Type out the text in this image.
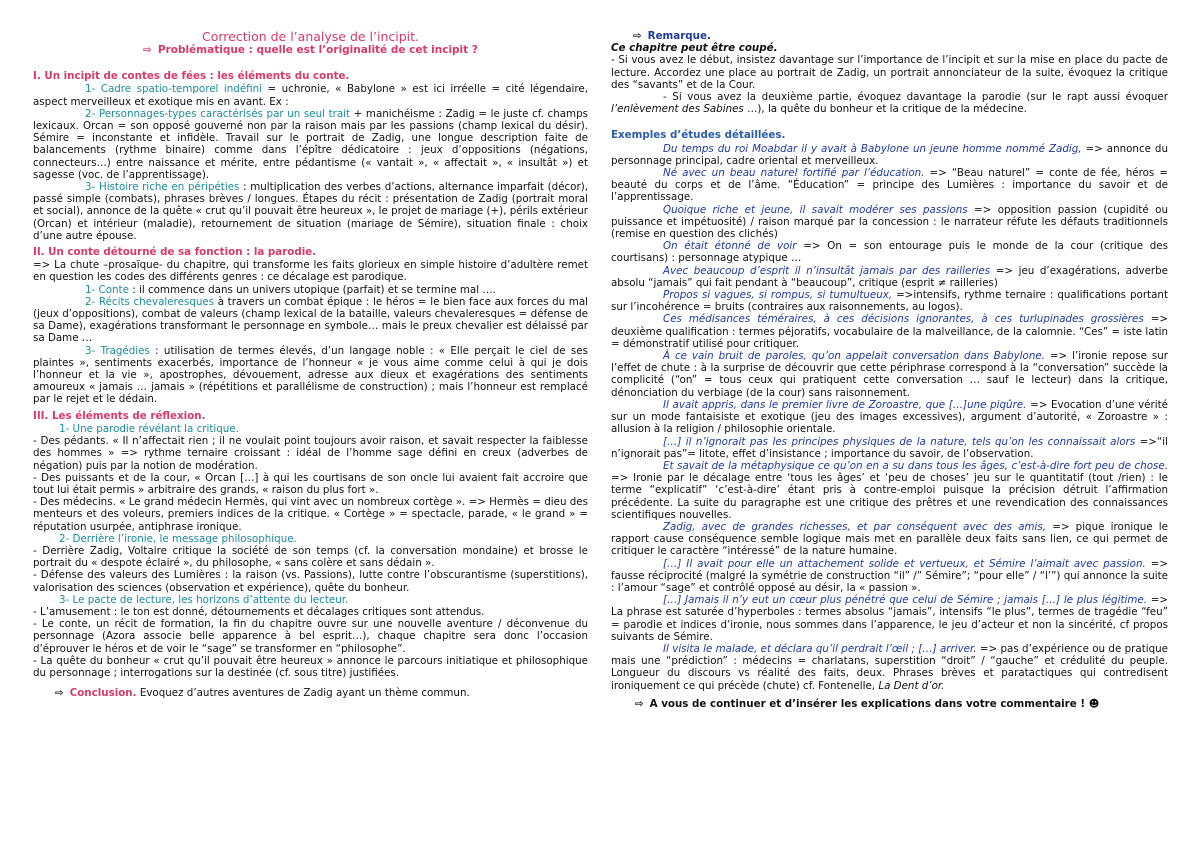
Correction de l’analyse de l’incipit.

⇨ Problématique : quelle est l’originalité de cet incipit ?

I. Un incipit de contes de fées : les éléments du conte.

1- Cadre spatio-temporel indéfini = uchronie, « Babylone » est ici irréelle = cité légendaire, aspect merveilleux et exotique mis en avant. Ex :

2- Personnages-types caractérisés par un seul trait + manichéisme : Zadig = le juste cf. champs lexicaux. Orcan = son opposé gouverné non par la raison mais par les passions (champ lexical du désir). Sémire = inconstante et infidèle. Travail sur le portrait de Zadig, une longue description faite de balancements (rythme binaire) comme dans l’épître dédicatoire : jeux d’oppositions (négations, connecteurs…) entre naissance et mérite, entre pédantisme (« vantait », « affectait », « insultât ») et sagesse (voc. de l’apprentissage).

3- Histoire riche en péripéties : multiplication des verbes d’actions, alternance imparfait (décor), passé simple (combats), phrases brèves / longues. Étapes du récit : présentation de Zadig (portrait moral et social), annonce de la quête « crut qu’il pouvait être heureux », le projet de mariage (+), périls extérieur (Orcan) et intérieur (maladie), retournement de situation (mariage de Sémire), situation finale : choix d’une autre épouse.

II. Un conte détourné de sa fonction : la parodie.

=> La chute –prosaïque- du chapitre, qui transforme les faits glorieux en simple histoire d’adultère remet en question les codes des différents genres : ce décalage est parodique.

1- Conte : il commence dans un univers utopique (parfait) et se termine mal ….

2- Récits chevaleresques à travers un combat épique : le héros = le bien face aux forces du mal (jeux d’oppositions), combat de valeurs (champ lexical de la bataille, valeurs chevaleresques = défense de sa Dame), exagérations transformant le personnage en symbole… mais le preux chevalier est délaissé par sa Dame …

3- Tragédies : utilisation de termes élevés, d’un langage noble : « Elle perçait le ciel de ses plaintes », sentiments exacerbés, importance de l’honneur « je vous aime comme celui à qui je dois l’honneur et la vie », apostrophes, dévouement, adresse aux dieux et exagérations des sentiments amoureux « jamais … jamais » (répétitions et parallélisme de construction) ; mais l’honneur est remplacé par le rejet et le dédain.

III. Les éléments de réflexion.

1- Une parodie révélant la critique.

- Des pédants. « Il n’affectait rien ; il ne voulait point toujours avoir raison, et savait respecter la faiblesse des hommes » => rythme ternaire croissant : idéal de l’homme sage défini en creux (adverbes de négation) puis par la notion de modération.

- Des puissants et de la cour, « Orcan […] à qui les courtisans de son oncle lui avaient fait accroire que tout lui était permis » arbitraire des grands, « raison du plus fort ».

- Des médecins. « Le grand médecin Hermès, qui vint avec un nombreux cortège ». => Hermès = dieu des menteurs et des voleurs, premiers indices de la critique. « Cortège » = spectacle, parade, « le grand » = réputation usurpée, antiphrase ironique.

2- Derrière l’ironie, le message philosophique.

- Derrière Zadig, Voltaire critique la société de son temps (cf. la conversation mondaine) et brosse le portrait du « despote éclairé », du philosophe, « sans colère et sans dédain ».

- Défense des valeurs des Lumières : la raison (vs. Passions), lutte contre l’obscurantisme (superstitions), valorisation des sciences (observation et expérience), quête du bonheur.

3- Le pacte de lecture, les horizons d’attente du lecteur.

- L’amusement : le ton est donné, détournements et décalages critiques sont attendus.

- Le conte, un récit de formation, la fin du chapitre ouvre sur une nouvelle aventure / déconvenue du personnage (Azora associe belle apparence à bel esprit…), chaque chapitre sera donc l’occasion d’éprouver le héros et de voir le “sage” se transformer en “philosophe”.

- La quête du bonheur « crut qu’il pouvait être heureux » annonce le parcours initiatique et philosophique du personnage ; interrogations sur la destinée (cf. sous titre) justifiées.

⇨ Conclusion. Evoquez d’autres aventures de Zadig ayant un thème commun.

⇨ Remarque.

Ce chapitre peut être coupé.

- Si vous avez le début, insistez davantage sur l’importance de l’incipit et sur la mise en place du pacte de lecture. Accordez une place au portrait de Zadig, un portrait annonciateur de la suite, évoquez la critique des “savants” et de la Cour.

- Si vous avez la deuxième partie, évoquez davantage la parodie (sur le rapt aussi évoquer l’enlèvement des Sabines …), la quête du bonheur et la critique de la médecine.

Exemples d’études détaillées.

Du temps du roi Moabdar il y avait à Babylone un jeune homme nommé Zadig, => annonce du personnage principal, cadre oriental et merveilleux.

Né avec un beau naturel fortifié par l’éducation. => “Beau naturel” = conte de fée, héros = beauté du corps et de l’âme. “Éducation” = principe des Lumières : importance du savoir et de l’apprentissage.

Quoique riche et jeune, il savait modérer ses passions => opposition passion (cupidité ou puissance et impétuosité) / raison marqué par la concession : le narrateur réfute les défauts traditionnels (remise en question des clichés)

On était étonné de voir => On = son entourage puis le monde de la cour (critique des courtisans) : personnage atypique …

Avec beaucoup d’esprit il n’insultât jamais par des railleries => jeu d’exagérations, adverbe absolu “jamais” qui fait pendant à “beaucoup”, critique (esprit ≠ railleries)

Propos si vagues, si rompus, si tumultueux, =>intensifs, rythme ternaire : qualifications portant sur l’incohérence = bruits (contraires aux raisonnements, au logos).

Ces médisances téméraires, à ces décisions ignorantes, à ces turlupinades grossières => deuxième qualification : termes péjoratifs, vocabulaire de la malveillance, de la calomnie. “Ces” = iste latin = démonstratif utilisé pour critiquer.

À ce vain bruit de paroles, qu’on appelait conversation dans Babylone. => l’ironie repose sur l’effet de chute : à la surprise de découvrir que cette périphrase correspond à la “conversation” succède la complicité (“on” = tous ceux qui pratiquent cette conversation … sauf le lecteur) dans la critique, dénonciation du verbiage (de la cour) sans raisonnement.

Il avait appris, dans le premier livre de Zoroastre, que […]une piqûre. => Evocation d’une vérité sur un mode fantaisiste et exotique (jeu des images excessives), argument d’autorité, « Zoroastre » : allusion à la religion / philosophie orientale.

[…] il n’ignorait pas les principes physiques de la nature, tels qu’on les connaissait alors =>“il n’ignorait pas”= litote, effet d’insistance ; importance du savoir, de l’observation.

Et savait de la métaphysique ce qu’on en a su dans tous les âges, c’est-à-dire fort peu de chose. => Ironie par le décalage entre ‘tous les âges’ et ‘peu de choses’ jeu sur le quantitatif (tout /rien) : le terme “explicatif” ‘c’est-à-dire’ étant pris à contre-emploi puisque la précision détruit l’affirmation précédente. La suite du paragraphe est une critique des prêtres et une revendication des connaissances scientifiques nouvelles.

Zadig, avec de grandes richesses, et par conséquent avec des amis, => pique ironique le rapport cause conséquence semble logique mais met en parallèle deux faits sans lien, ce qui permet de critiquer le caractère “intéressé” de la nature humaine.

[…] Il avait pour elle un attachement solide et vertueux, et Sémire l’aimait avec passion. => fausse réciprocité (malgré la symétrie de construction “il” /” Sémire”; “pour elle” / “l’”) qui annonce la suite : l’amour “sage” et contrôlé opposé au désir, la « passion ».

[…] Jamais il n’y eut un cœur plus pénétré que celui de Sémire ; jamais […] le plus légitime. => La phrase est saturée d’hyperboles : termes absolus “jamais”, intensifs “le plus”, termes de tragédie “feu” = parodie et indices d’ironie, nous sommes dans l’apparence, le jeu d’acteur et non la sincérité, cf propos suivants de Sémire.

Il visita le malade, et déclara qu’il perdrait l’œil ; […] arriver. => pas d’expérience ou de pratique mais une “prédiction” : médecins = charlatans, superstition “droit” / “gauche” et crédulité du peuple. Longueur du discours vs réalité des faits, deux. Phrases brèves et paratactiques qui contredisent ironiquement ce qui précède (chute) cf. Fontenelle, La Dent d’or.

⇨ A vous de continuer et d’insérer les explications dans votre commentaire ! ☻
